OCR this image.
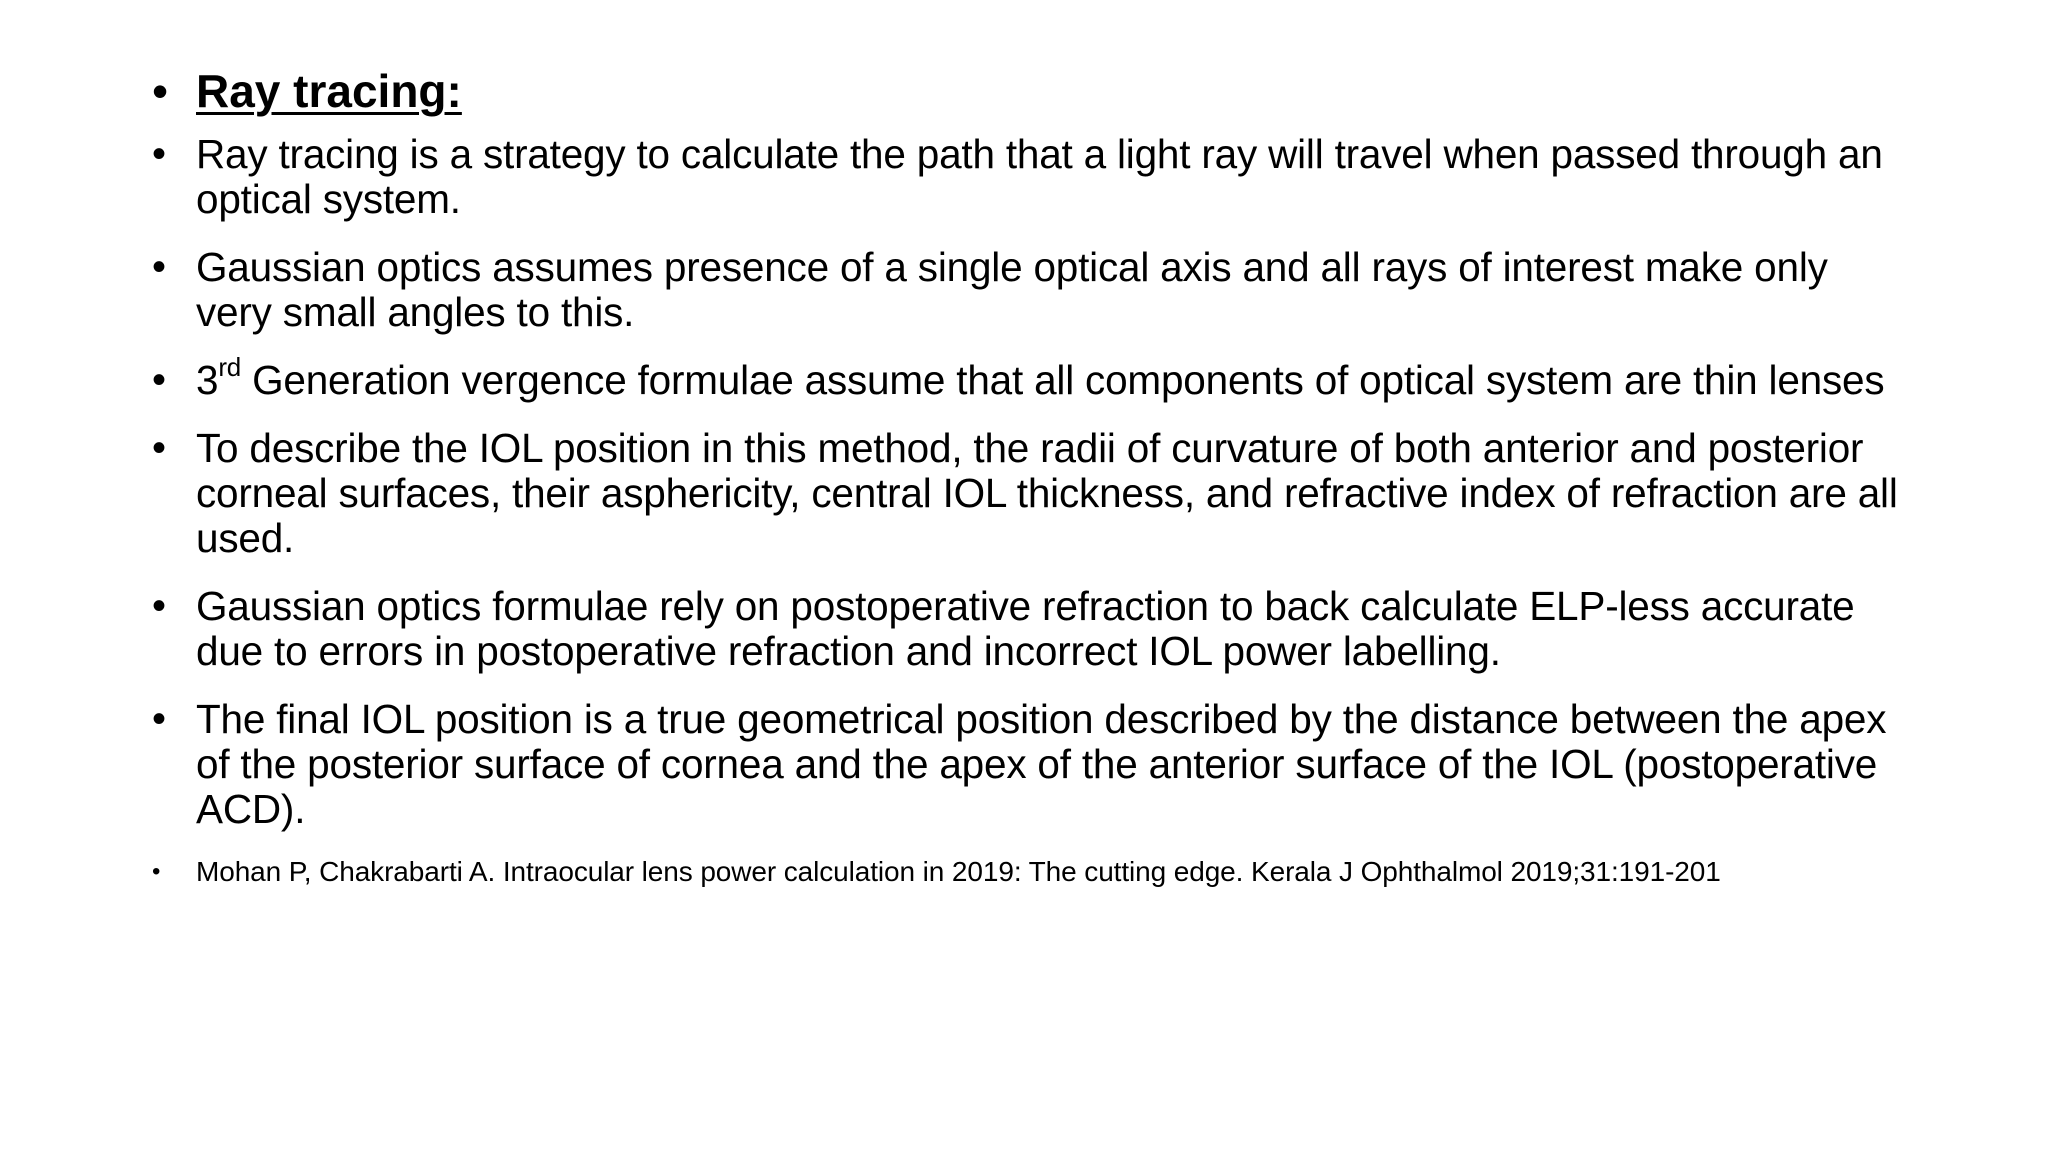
• Ray tracing:
• Ray tracing is a strategy to calculate the path that a light ray will travel when passed through an optical system.
• Gaussian optics assumes presence of a single optical axis and all rays of interest make only very small angles to this.
• 3rd Generation vergence formulae assume that all components of optical system are thin lenses
• To describe the IOL position in this method, the radii of curvature of both anterior and posterior corneal surfaces, their asphericity, central IOL thickness, and refractive index of refraction are all used.
• Gaussian optics formulae rely on postoperative refraction to back calculate ELP-less accurate due to errors in postoperative refraction and incorrect IOL power labelling.
• The final IOL position is a true geometrical position described by the distance between the apex of the posterior surface of cornea and the apex of the anterior surface of the IOL (postoperative ACD).
• Mohan P, Chakrabarti A. Intraocular lens power calculation in 2019: The cutting edge. Kerala J Ophthalmol 2019;31:191-201
